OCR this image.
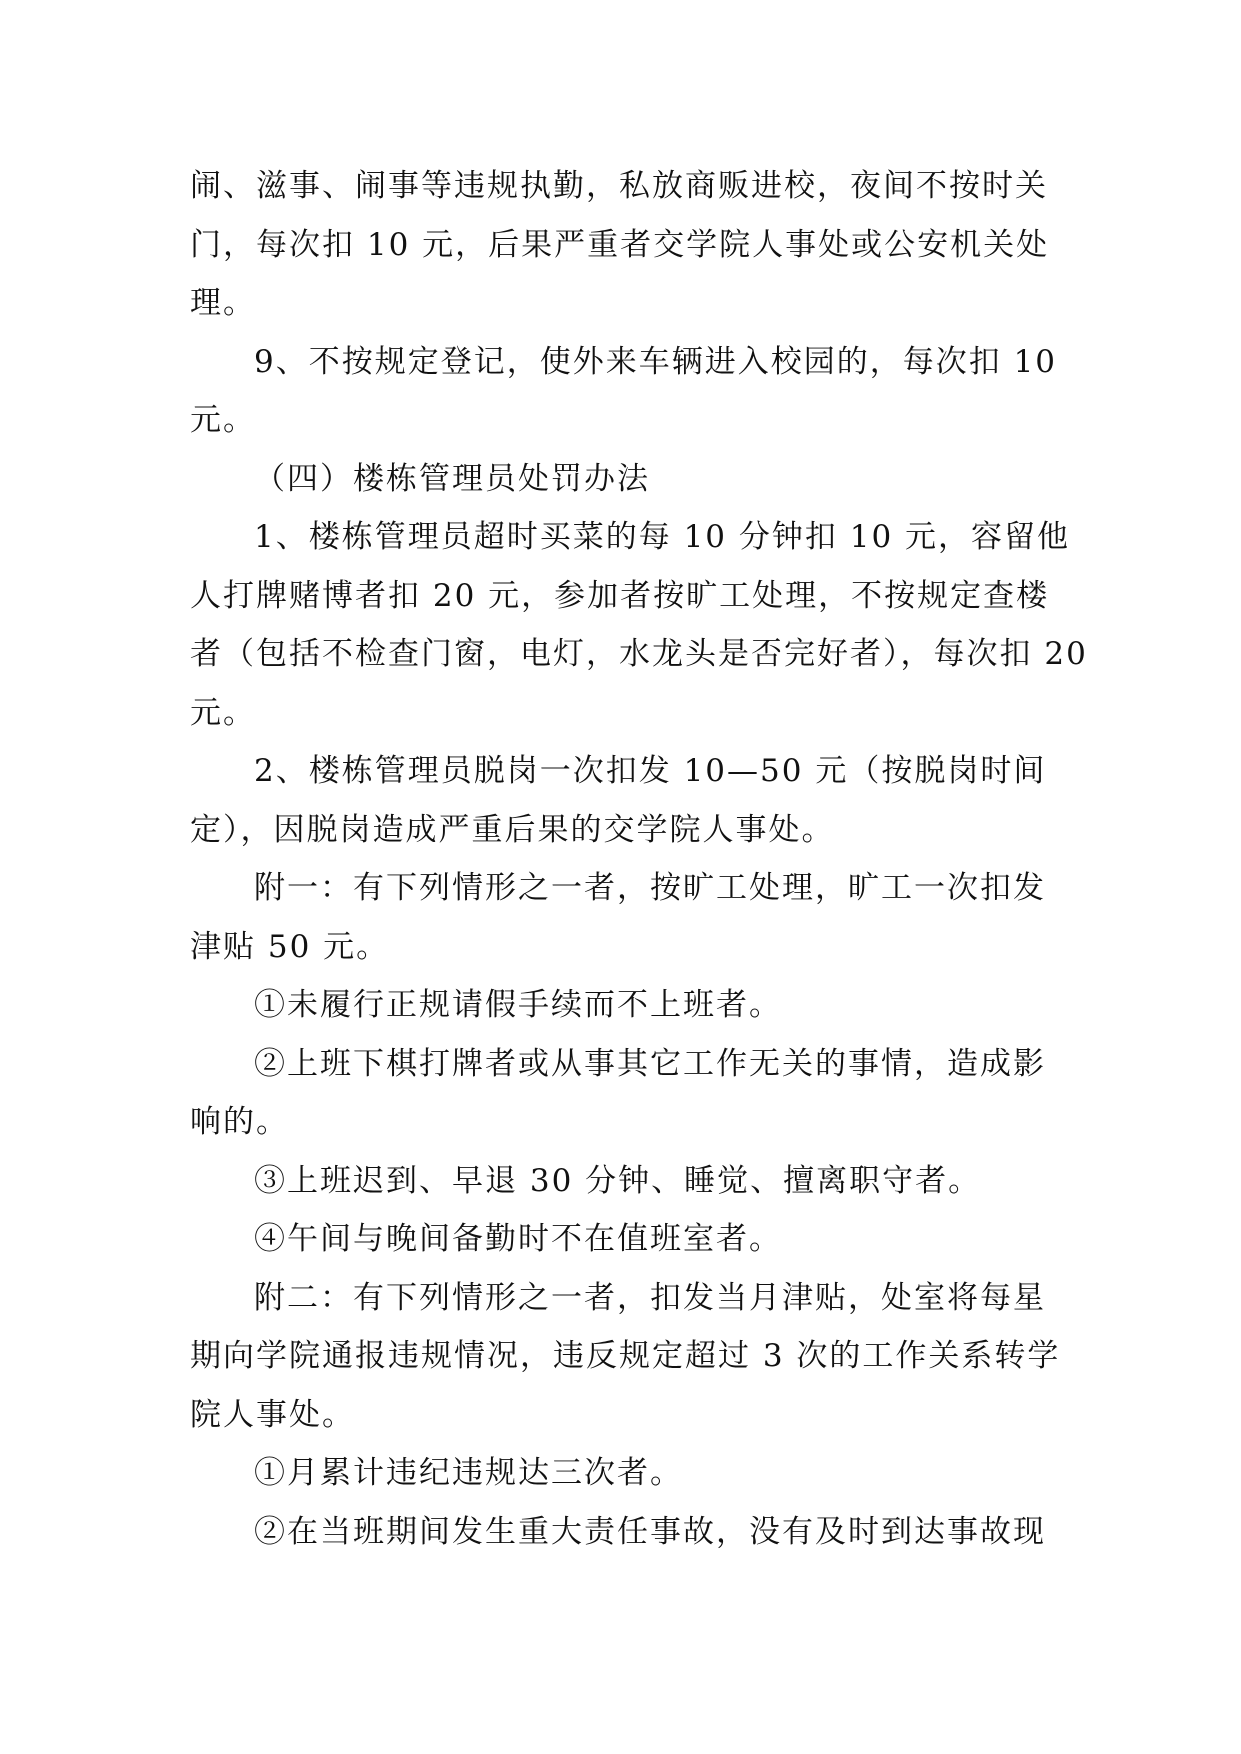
闹、滋事、闹事等违规执勤，私放商贩进校，夜间不按时关
门，每次扣 10 元，后果严重者交学院人事处或公安机关处
理。
9、不按规定登记，使外来车辆进入校园的，每次扣 10
元。
（四）楼栋管理员处罚办法
1、楼栋管理员超时买菜的每 10 分钟扣 10 元，容留他
人打牌赌博者扣 20 元，参加者按旷工处理，不按规定查楼
者（包括不检查门窗，电灯，水龙头是否完好者），每次扣 20
元。
2、楼栋管理员脱岗一次扣发 10—50 元（按脱岗时间
定），因脱岗造成严重后果的交学院人事处。
附一：有下列情形之一者，按旷工处理，旷工一次扣发
津贴 50 元。
①未履行正规请假手续而不上班者。
②上班下棋打牌者或从事其它工作无关的事情，造成影
响的。
③上班迟到、早退 30 分钟、睡觉、擅离职守者。
④午间与晚间备勤时不在值班室者。
附二：有下列情形之一者，扣发当月津贴，处室将每星
期向学院通报违规情况，违反规定超过 3 次的工作关系转学
院人事处。
①月累计违纪违规达三次者。
②在当班期间发生重大责任事故，没有及时到达事故现
